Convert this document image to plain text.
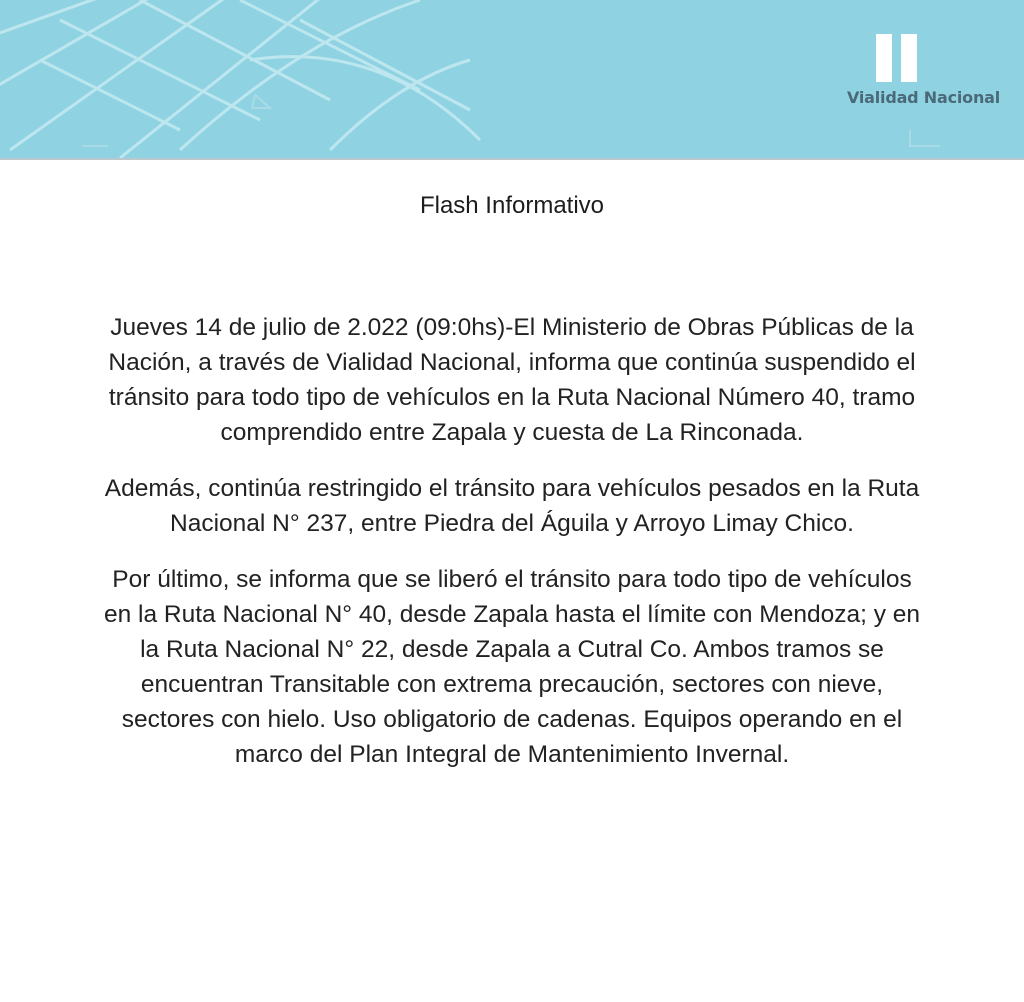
Vialidad Nacional
Flash Informativo

Jueves 14 de julio de 2.022 (09:0hs)-El Ministerio de Obras Públicas de la Nación, a través de Vialidad Nacional, informa que continúa suspendido el tránsito para todo tipo de vehículos en la Ruta Nacional Número 40, tramo comprendido entre Zapala y cuesta de La Rinconada.

Además, continúa restringido el tránsito para vehículos pesados en la Ruta Nacional N° 237, entre Piedra del Águila y Arroyo Limay Chico.

Por último, se informa que se liberó el tránsito para todo tipo de vehículos en la Ruta Nacional N° 40, desde Zapala hasta el límite con Mendoza; y en la Ruta Nacional N° 22, desde Zapala a Cutral Co. Ambos tramos se encuentran Transitable con extrema precaución, sectores con nieve, sectores con hielo. Uso obligatorio de cadenas. Equipos operando en el marco del Plan Integral de Mantenimiento Invernal.
